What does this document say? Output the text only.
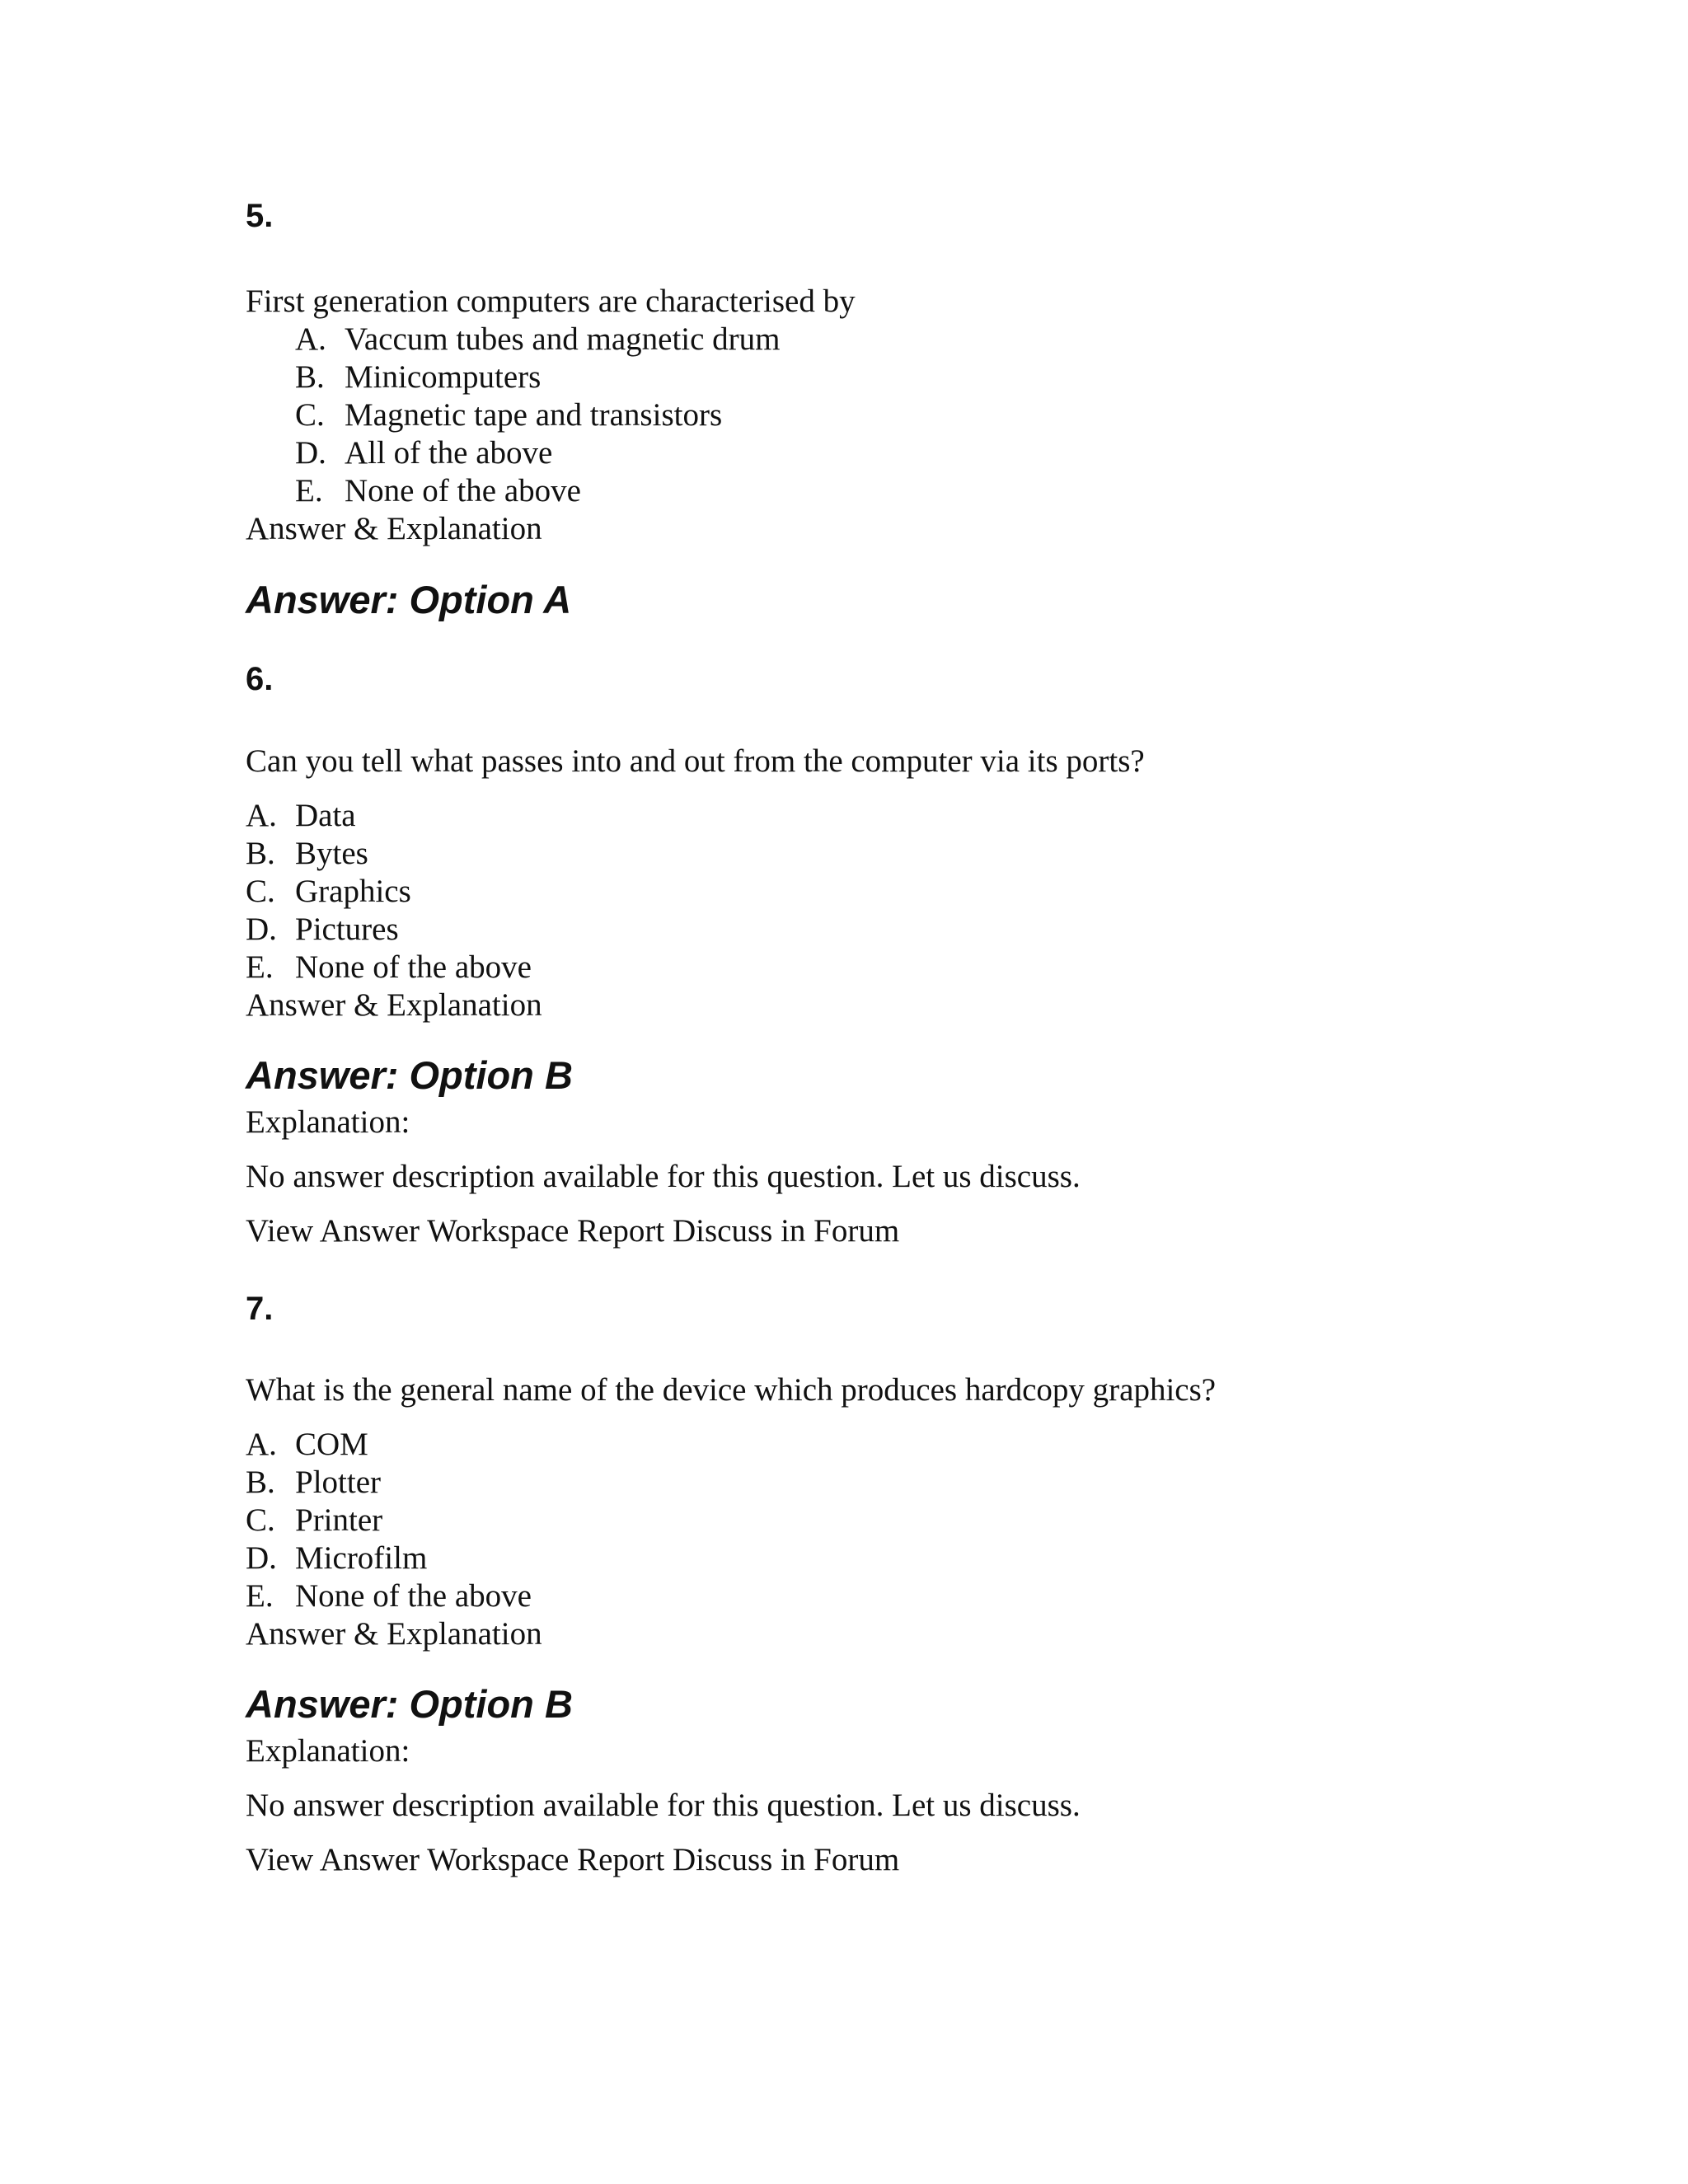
5.
First generation computers are characterised by
A. Vaccum tubes and magnetic drum
B. Minicomputers
C. Magnetic tape and transistors
D. All of the above
E. None of the above
Answer & Explanation
Answer: Option A
6.
Can you tell what passes into and out from the computer via its ports?
A. Data
B. Bytes
C. Graphics
D. Pictures
E. None of the above
Answer & Explanation
Answer: Option B
Explanation:
No answer description available for this question. Let us discuss.
View Answer Workspace Report Discuss in Forum
7.
What is the general name of the device which produces hardcopy graphics?
A. COM
B. Plotter
C. Printer
D. Microfilm
E. None of the above
Answer & Explanation
Answer: Option B
Explanation:
No answer description available for this question. Let us discuss.
View Answer Workspace Report Discuss in Forum
